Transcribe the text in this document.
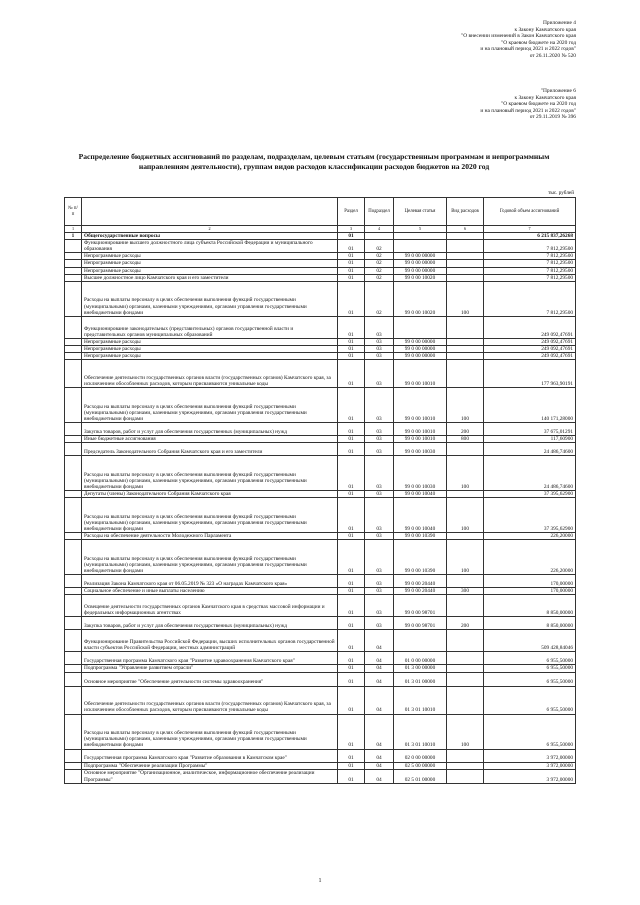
Приложение 4

к Закону Камчатского края

"О внесении изменений в Закон Камчатского края

"О краевом бюджете на 2020 год

и на плановый период 2021 и 2022 годов"

от 26.11.2020 № 520

"Приложение 6

к Закону Камчатского края

"О краевом бюджете на 2020 год

и на плановый период 2021 и 2022 годов"

от 29.11.2019 № 396

Распределение бюджетных ассигнований по разделам, подразделам, целевым статьям (государственным программам и непрограммным направлениям деятельности), группам видов расходов классификации расходов бюджетов на 2020 год
тыс. рублей
№ п/п		Раздел	Подраздел	Целевая статья	Вид расходов	Годовой объем ассигнований
1	2	3	4	5	6	7
1	Общегосударственные вопросы	01				6 215 837,26268
	Функционирование высшего должностного лица субъекта Российской Федерации и муниципального образования	01	02			7 812,29500
	Непрограммные расходы	01	02	99 0 00 00000		7 812,29500
	Непрограммные расходы	01	02	99 0 00 00000		7 812,29500
	Непрограммные расходы	01	02	99 0 00 00000		7 812,29500
	Высшее должностное лицо Камчатского края и его заместители	01	02	99 0 00 10020		7 812,29500
	Расходы на выплаты персоналу в целях обеспечения выполнения функций государственными (муниципальными) органами, казенными учреждениями, органами управления государственными внебюджетными фондами	01	02	99 0 00 10020	100	7 812,29500
	Функционирование законодательных (представительных) органов государственной власти и представительных органов муниципальных образований	01	03			249 092,47691
	Непрограммные расходы	01	03	99 0 00 00000		249 092,47691
	Непрограммные расходы	01	03	99 0 00 00000		249 092,47691
	Непрограммные расходы	01	03	99 0 00 00000		249 092,47691
	Обеспечение деятельности государственных органов власти (государственных органов) Камчатского края, за исключением обособленных расходов, которым присваиваются уникальные коды	01	03	99 0 00 10010		177 963,90191
	Расходы на выплаты персоналу в целях обеспечения выполнения функций государственными (муниципальными) органами, казенными учреждениями, органами управления государственными внебюджетными фондами	01	03	99 0 00 10010	100	140 171,28000
	Закупка товаров, работ и услуг для обеспечения государственных (муниципальных) нужд	01	03	99 0 00 10010	200	37 675,01291
	Иные бюджетные ассигнования	01	03	99 0 00 10010	800	117,60900
	Председатель Законодательного Собрания Камчатского края и его заместители	01	03	99 0 00 10030		24 486,74600
	Расходы на выплаты персоналу в целях обеспечения выполнения функций государственными (муниципальными) органами, казенными учреждениями, органами управления государственными внебюджетными фондами	01	03	99 0 00 10030	100	24 486,74600
	Депутаты (члены) Законодательного Собрания Камчатского края	01	03	99 0 00 10040		37 395,62900
	Расходы на выплаты персоналу в целях обеспечения выполнения функций государственными (муниципальными) органами, казенными учреждениями, органами управления государственными внебюджетными фондами	01	03	99 0 00 10040	100	37 395,62900
	Расходы на обеспечение деятельности Молодежного Парламента	01	03	99 0 00 10390		226,20000
	Расходы на выплаты персоналу в целях обеспечения выполнения функций государственными (муниципальными) органами, казенными учреждениями, органами управления государственными внебюджетными фондами	01	03	99 0 00 10390	100	226,20000
	Реализация Закона Камчатского края от 06.05.2019 № 323 «О наградах Камчатского края»	01	03	99 0 00 20440		170,00000
	Социальное обеспечение и иные выплаты населению	01	03	99 0 00 20440	300	170,00000
	Освещение деятельности государственных органов Камчатского края в средствах массовой информации и федеральных информационных агентствах	01	03	99 0 00 98701		8 850,00000
	Закупка товаров, работ и услуг для обеспечения государственных (муниципальных) нужд	01	03	99 0 00 98701	200	8 850,00000
	Функционирование Правительства Российской Федерации, высших исполнительных органов государственной власти субъектов Российской Федерации, местных администраций	01	04			509 428,84046
	Государственная программа Камчатского края "Развитие здравоохранения Камчатского края"	01	04	01 0 00 00000		6 955,50000
	Подпрограмма "Управление развитием отрасли"	01	04	01 3 00 00000		6 955,50000
	Основное мероприятие "Обеспечение деятельности системы здравоохранения"	01	04	01 3 01 00000		6 955,50000
	Обеспечение деятельности государственных органов власти (государственных органов) Камчатского края, за исключением обособленных расходов, которым присваиваются уникальные коды	01	04	01 3 01 10010		6 955,50000
	Расходы на выплаты персоналу в целях обеспечения выполнения функций государственными (муниципальными) органами, казенными учреждениями, органами управления государственными внебюджетными фондами	01	04	01 3 01 10010	100	6 955,50000
	Государственная программа Камчатского края "Развитие образования в Камчатском крае"	01	04	02 0 00 00000		3 972,00000
	Подпрограмма "Обеспечение реализации Программы"	01	04	02 5 00 00000		3 972,00000
	Основное мероприятие "Организационное, аналитическое, информационное обеспечение реализации Программы"	01	04	02 5 01 00000		3 972,00000
1
